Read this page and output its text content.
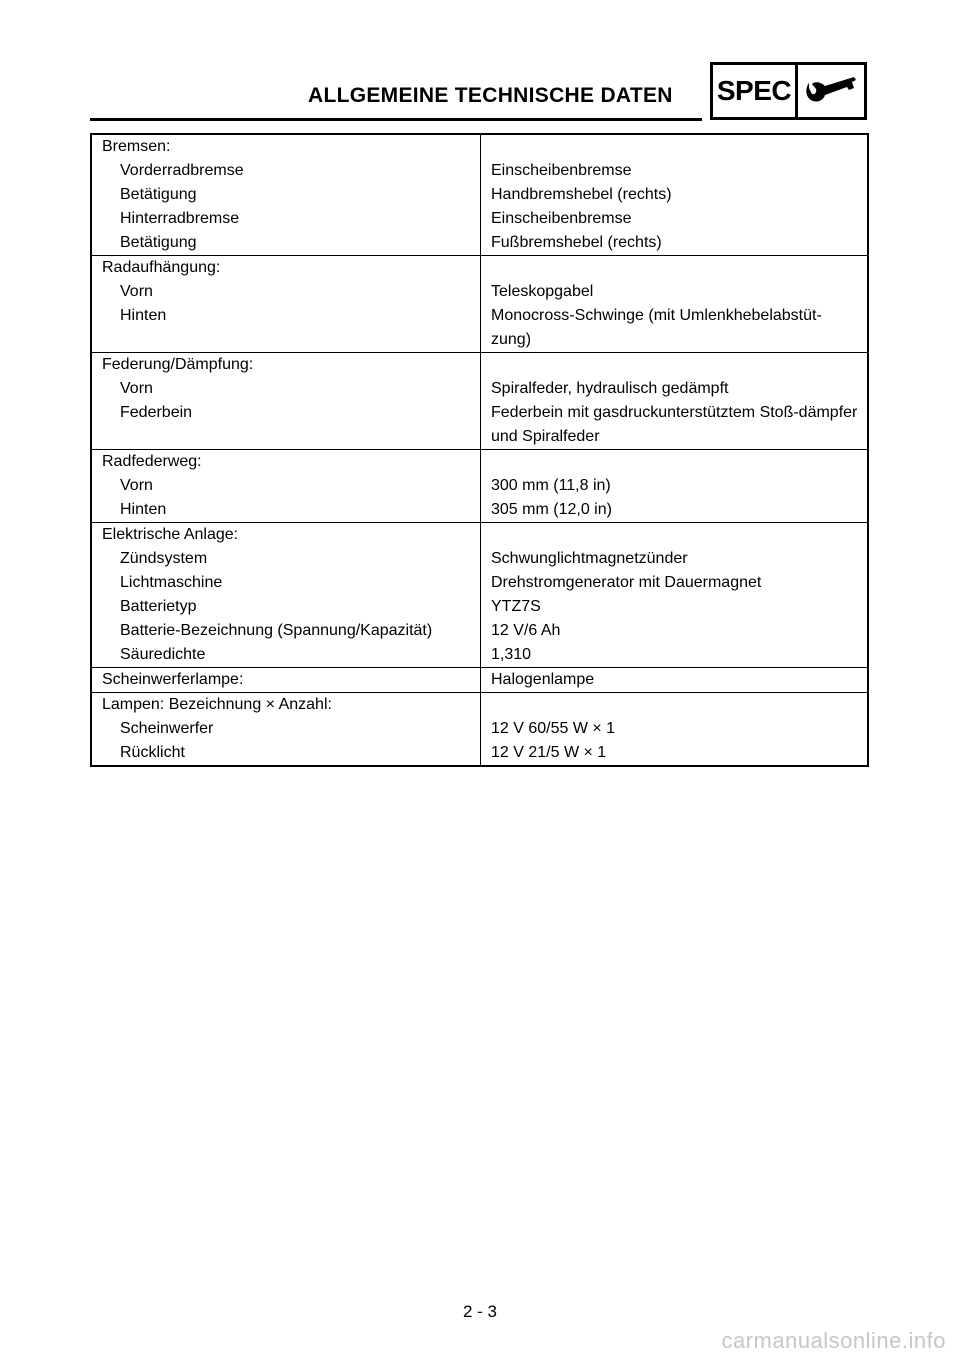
ALLGEMEINE TECHNISCHE DATEN	SPEC
Bremsen:
Vorderradbremse	Einscheibenbremse
Betätigung	Handbremshebel (rechts)
Hinterradbremse	Einscheibenbremse
Betätigung	Fußbremshebel (rechts)
Radaufhängung:
Vorn	Teleskopgabel
Hinten	Monocross-Schwinge (mit Umlenkhebelabstüt-zung)
Federung/Dämpfung:
Vorn	Spiralfeder, hydraulisch gedämpft
Federbein	Federbein mit gasdruckunterstütztem Stoß-dämpfer und Spiralfeder
Radfederweg:
Vorn	300 mm (11,8 in)
Hinten	305 mm (12,0 in)
Elektrische Anlage:
Zündsystem	Schwunglichtmagnetzünder
Lichtmaschine	Drehstromgenerator mit Dauermagnet
Batterietyp	YTZ7S
Batterie-Bezeichnung (Spannung/Kapazität)	12 V/6 Ah
Säuredichte	1,310
Scheinwerferlampe:	Halogenlampe
Lampen: Bezeichnung × Anzahl:
Scheinwerfer	12 V 60/55 W × 1
Rücklicht	12 V 21/5 W × 1
2 - 3
carmanualsonline.info
